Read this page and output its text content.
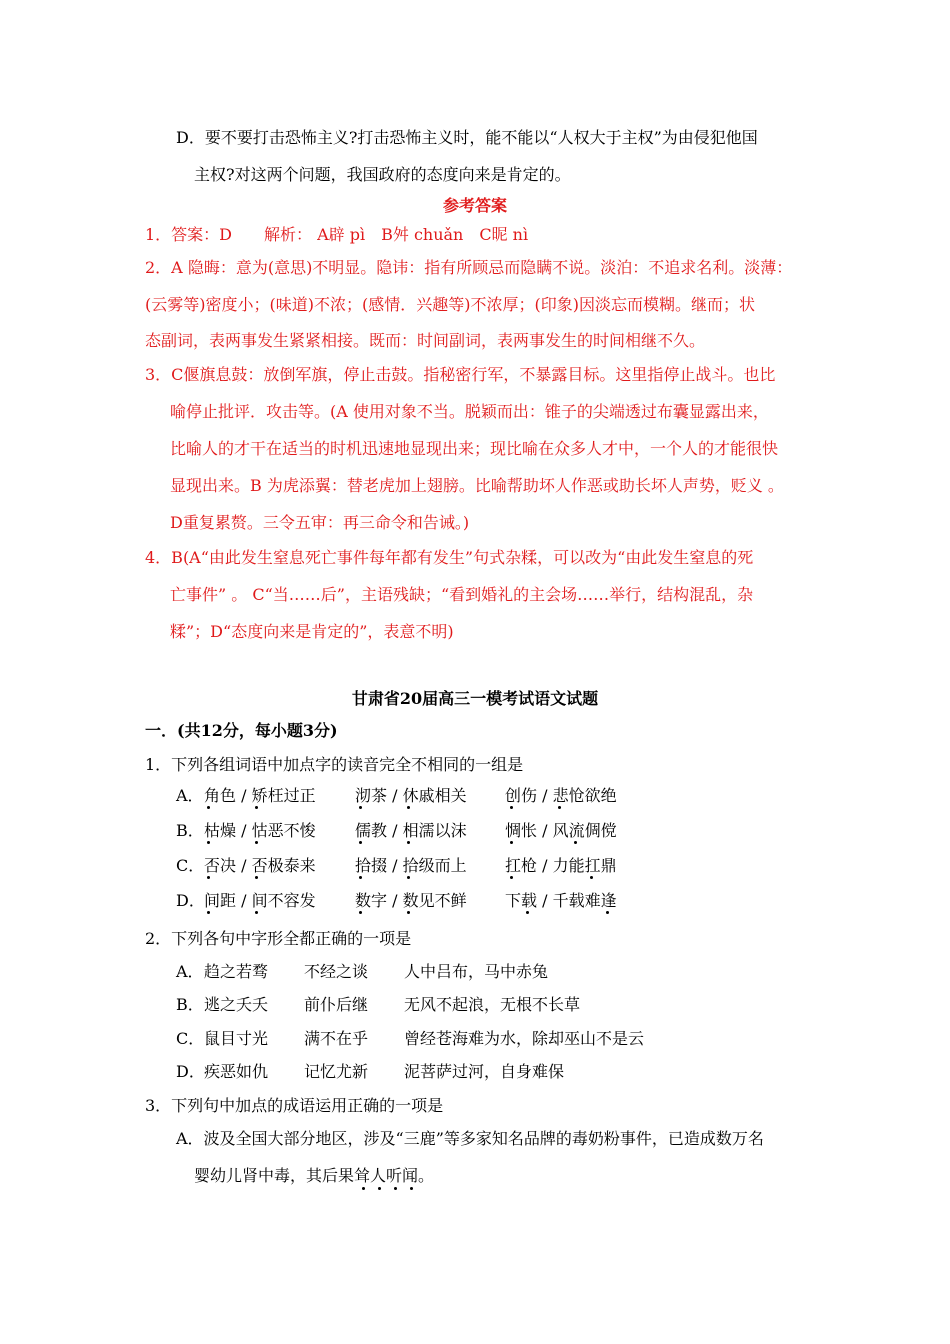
D．要不要打击恐怖主义?打击恐怖主义时，能不能以“人权大于主权”为由侵犯他国
主权?对这两个问题，我国政府的态度向来是肯定的。
参考答案
1．答案：D　　解析： A辟 pì　B舛 chuǎn　C昵 nì
2．A 隐晦：意为(意思)不明显。隐讳：指有所顾忌而隐瞒不说。淡泊：不追求名利。淡薄：
(云雾等)密度小；(味道)不浓；(感情．兴趣等)不浓厚；(印象)因淡忘而模糊。继而；状
态副词，表两事发生紧紧相接。既而：时间副词，表两事发生的时间相继不久。
3．C偃旗息鼓：放倒军旗，停止击鼓。指秘密行军，不暴露目标。这里指停止战斗。也比
喻停止批评．攻击等。(A 使用对象不当。脱颖而出：锥子的尖端透过布囊显露出来，
比喻人的才干在适当的时机迅速地显现出来；现比喻在众多人才中，一个人的才能很快
显现出来。B 为虎添翼：替老虎加上翅膀。比喻帮助坏人作恶或助长坏人声势，贬义 。
D重复累赘。三令五审：再三命令和告诫。)
4．B(A“由此发生窒息死亡事件每年都有发生”句式杂糅，可以改为“由此发生窒息的死
亡事件” 。 C“当……后”，主语残缺；“看到婚礼的主会场……举行，结构混乱，杂
糅”；D“态度向来是肯定的”，表意不明)
甘肃省20届高三一模考试语文试题
一．(共12分，每小题3分)
1．下列各组词语中加点字的读音完全不相同的一组是
A． 角色 / 矫枉过正 沏茶 / 休戚相关 创伤 / 悲怆欲绝
B． 枯燥 / 怙恶不悛 儒教 / 相濡以沫 惆怅 / 风流倜傥
C． 否决 / 否极泰来 拾掇 / 拾级而上 扛枪 / 力能扛鼎
D． 间距 / 间不容发 数字 / 数见不鲜 下载 / 千载难逢
2．下列各句中字形全都正确的一项是
A． 趋之若骛 不经之谈 人中吕布，马中赤兔
B． 逃之夭夭 前仆后继 无风不起浪，无根不长草
C． 鼠目寸光 满不在乎 曾经苍海难为水，除却巫山不是云
D． 疾恶如仇 记忆尤新 泥菩萨过河，自身难保
3．下列句中加点的成语运用正确的一项是
A．波及全国大部分地区，涉及“三鹿”等多家知名品牌的毒奶粉事件，已造成数万名
婴幼儿肾中毒，其后果耸人听闻。
